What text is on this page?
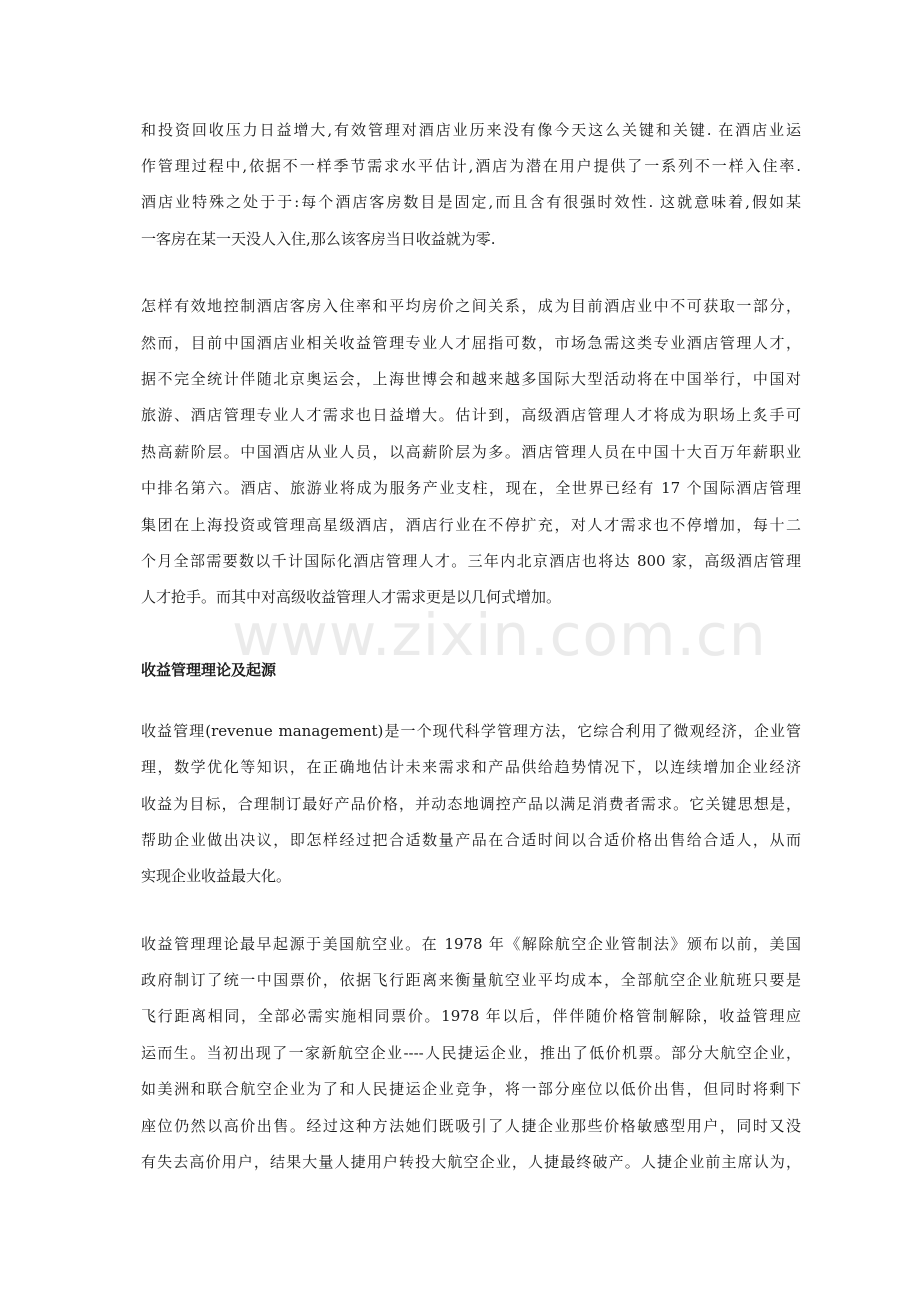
www.zixin.com.cn
和投资回收压力日益增大,有效管理对酒店业历来没有像今天这么关键和关键. 在酒店业运
作管理过程中,依据不一样季节需求水平估计,酒店为潜在用户提供了一系列不一样入住率.
酒店业特殊之处于于:每个酒店客房数目是固定,而且含有很强时效性. 这就意味着,假如某
一客房在某一天没人入住,那么该客房当日收益就为零.
怎样有效地控制酒店客房入住率和平均房价之间关系，成为目前酒店业中不可获取一部分，
然而，目前中国酒店业相关收益管理专业人才屈指可数，市场急需这类专业酒店管理人才，
据不完全统计伴随北京奥运会，上海世博会和越来越多国际大型活动将在中国举行，中国对
旅游、酒店管理专业人才需求也日益增大。估计到，高级酒店管理人才将成为职场上炙手可
热高薪阶层。中国酒店从业人员，以高薪阶层为多。酒店管理人员在中国十大百万年薪职业
中排名第六。酒店、旅游业将成为服务产业支柱，现在，全世界已经有 17 个国际酒店管理
集团在上海投资或管理高星级酒店，酒店行业在不停扩充，对人才需求也不停增加，每十二
个月全部需要数以千计国际化酒店管理人才。三年内北京酒店也将达 800 家，高级酒店管理
人才抢手。而其中对高级收益管理人才需求更是以几何式增加。
收益管理理论及起源
收益管理(revenue management)是一个现代科学管理方法，它综合利用了微观经济，企业管
理，数学优化等知识，在正确地估计未来需求和产品供给趋势情况下，以连续增加企业经济
收益为目标，合理制订最好产品价格，并动态地调控产品以满足消费者需求。它关键思想是，
帮助企业做出决议，即怎样经过把合适数量产品在合适时间以合适价格出售给合适人，从而
实现企业收益最大化。
收益管理理论最早起源于美国航空业。在 1978 年《解除航空企业管制法》颁布以前，美国
政府制订了统一中国票价，依据飞行距离来衡量航空业平均成本，全部航空企业航班只要是
飞行距离相同，全部必需实施相同票价。1978 年以后，伴伴随价格管制解除，收益管理应
运而生。当初出现了一家新航空企业----人民捷运企业，推出了低价机票。部分大航空企业，
如美洲和联合航空企业为了和人民捷运企业竞争，将一部分座位以低价出售，但同时将剩下
座位仍然以高价出售。经过这种方法她们既吸引了人捷企业那些价格敏感型用户，同时又没
有失去高价用户，结果大量人捷用户转投大航空企业，人捷最终破产。人捷企业前主席认为，
